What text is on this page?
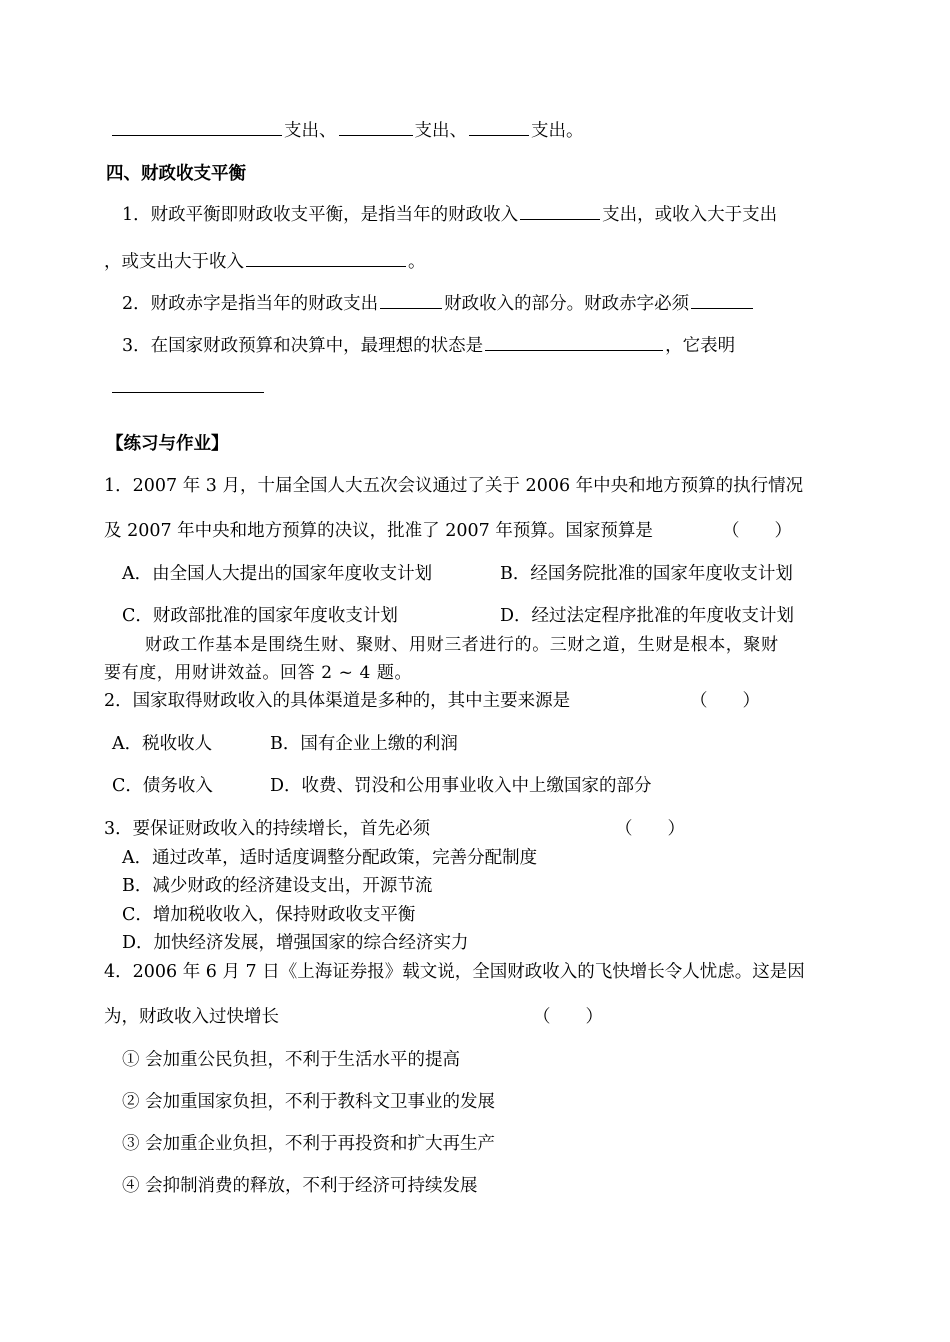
支出、	支出、	支出。
四、财政收支平衡
1．财政平衡即财政收支平衡，是指当年的财政收入	支出，或收入大于支出
，或支出大于收入	。
2．财政赤字是指当年的财政支出	财政收入的部分。财政赤字必须
3．在国家财政预算和决算中，最理想的状态是	，它表明
【练习与作业】
1．2007 年 3 月，十届全国人大五次会议通过了关于 2006 年中央和地方预算的执行情况
及 2007 年中央和地方预算的决议，批准了 2007 年预算。国家预算是	（　　）
A．由全国人大提出的国家年度收支计划	B．经国务院批准的国家年度收支计划
C．财政部批准的国家年度收支计划	D．经过法定程序批准的年度收支计划
财政工作基本是围绕生财、聚财、用财三者进行的。三财之道，生财是根本，聚财
要有度，用财讲效益。回答 2 ~ 4 题。
2．国家取得财政收入的具体渠道是多种的，其中主要来源是	（　　）
A．税收收人	B．国有企业上缴的利润
C．债务收入	D．收费、罚没和公用事业收入中上缴国家的部分
3．要保证财政收入的持续增长，首先必须	（　　）
A．通过改革，适时适度调整分配政策，完善分配制度
B．减少财政的经济建设支出，开源节流
C．增加税收收入，保持财政收支平衡
D．加快经济发展，增强国家的综合经济实力
4．2006 年 6 月 7 日《上海证券报》载文说，全国财政收入的飞快增长令人忧虑。这是因
为，财政收入过快增长	（　　）
① 会加重公民负担，不利于生活水平的提高
② 会加重国家负担，不利于教科文卫事业的发展
③ 会加重企业负担，不利于再投资和扩大再生产
④ 会抑制消费的释放，不利于经济可持续发展
